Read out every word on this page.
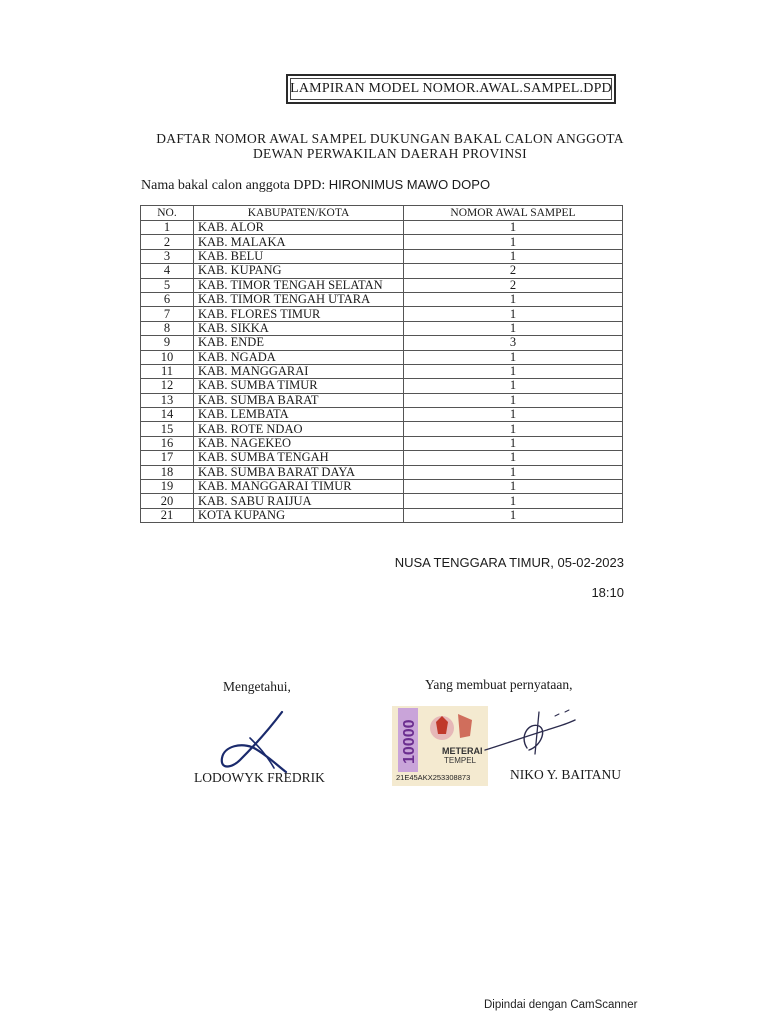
LAMPIRAN MODEL NOMOR.AWAL.SAMPEL.DPD
DAFTAR NOMOR AWAL SAMPEL DUKUNGAN BAKAL CALON ANGGOTA
DEWAN PERWAKILAN DAERAH PROVINSI
Nama bakal calon anggota DPD: HIRONIMUS MAWO DOPO
NO.	KABUPATEN/KOTA	NOMOR AWAL SAMPEL
1	KAB. ALOR	1
2	KAB. MALAKA	1
3	KAB. BELU	1
4	KAB. KUPANG	2
5	KAB. TIMOR TENGAH SELATAN	2
6	KAB. TIMOR TENGAH UTARA	1
7	KAB. FLORES TIMUR	1
8	KAB. SIKKA	1
9	KAB. ENDE	3
10	KAB. NGADA	1
11	KAB. MANGGARAI	1
12	KAB. SUMBA TIMUR	1
13	KAB. SUMBA BARAT	1
14	KAB. LEMBATA	1
15	KAB. ROTE NDAO	1
16	KAB. NAGEKEO	1
17	KAB. SUMBA TENGAH	1
18	KAB. SUMBA BARAT DAYA	1
19	KAB. MANGGARAI TIMUR	1
20	KAB. SABU RAIJUA	1
21	KOTA KUPANG	1
NUSA TENGGARA TIMUR, 05-02-2023
18:10
Mengetahui,	Yang membuat pernyataan,
10000	METERAI
TEMPEL
21E45AKX253308873
LODOWYK FREDRIK	NIKO Y. BAITANU
Dipindai dengan CamScanner
